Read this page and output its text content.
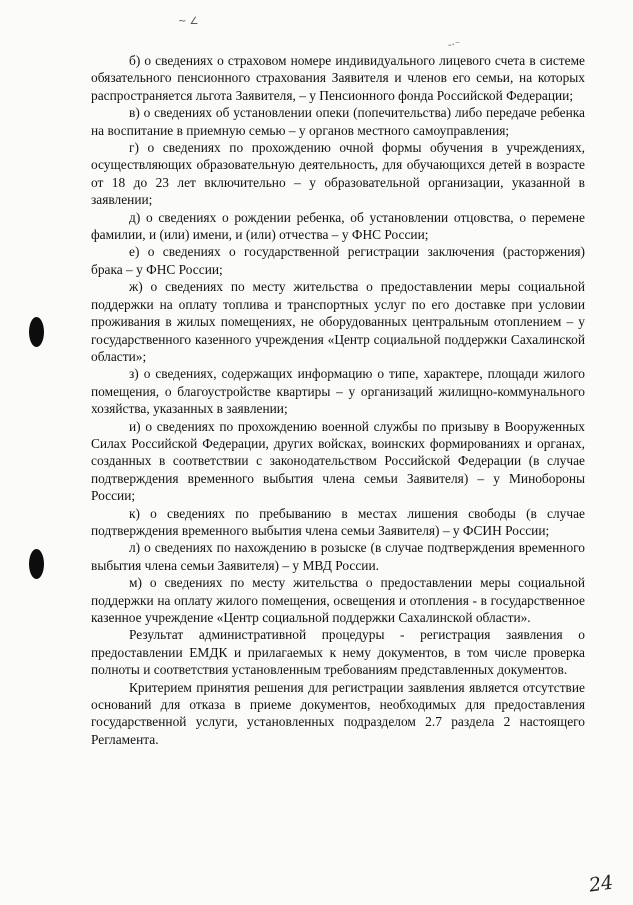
~ ∠
-·⁻

б) о сведениях о страховом номере индивидуального лицевого счета в системе обязательного пенсионного страхования Заявителя и членов его семьи, на которых распространяется льгота Заявителя, – у Пенсионного фонда Российской Федерации;

в) о сведениях об установлении опеки (попечительства) либо передаче ребенка на воспитание в приемную семью – у органов местного самоуправления;

г) о сведениях по прохождению очной формы обучения в учреждениях, осуществляющих образовательную деятельность, для обучающихся детей в возрасте от 18 до 23 лет включительно – у образовательной организации, указанной в заявлении;

д) о сведениях о рождении ребенка, об установлении отцовства, о перемене фамилии, и (или) имени, и (или) отчества – у ФНС России;

е) о сведениях о государственной регистрации заключения (расторжения) брака – у ФНС России;

ж) о сведениях по месту жительства о предоставлении меры социальной поддержки на оплату топлива и транспортных услуг по его доставке при условии проживания в жилых помещениях, не оборудованных центральным отоплением – у государственного казенного учреждения «Центр социальной поддержки Сахалинской области»;

з) о сведениях, содержащих информацию о типе, характере, площади жилого помещения, о благоустройстве квартиры – у организаций жилищно-коммунального хозяйства, указанных в заявлении;

и) о сведениях по прохождению военной службы по призыву в Вооруженных Силах Российской Федерации, других войсках, воинских формированиях и органах, созданных в соответствии с законодательством Российской Федерации (в случае подтверждения временного выбытия члена семьи Заявителя) – у Минобороны России;

к) о сведениях по пребыванию в местах лишения свободы (в случае подтверждения временного выбытия члена семьи Заявителя) – у ФСИН России;

л) о сведениях по нахождению в розыске (в случае подтверждения временного выбытия члена семьи Заявителя) – у МВД России.

м) о сведениях по месту жительства о предоставлении меры социальной поддержки на оплату жилого помещения, освещения и отопления - в государственное казенное учреждение «Центр социальной поддержки Сахалинской области».

Результат административной процедуры - регистрация заявления о предоставлении ЕМДК и прилагаемых к нему документов, в том числе проверка полноты и соответствия установленным требованиям представленных документов.

Критерием принятия решения для регистрации заявления является отсутствие оснований для отказа в приеме документов, необходимых для предоставления государственной услуги, установленных подразделом 2.7 раздела 2 настоящего Регламента.

24
